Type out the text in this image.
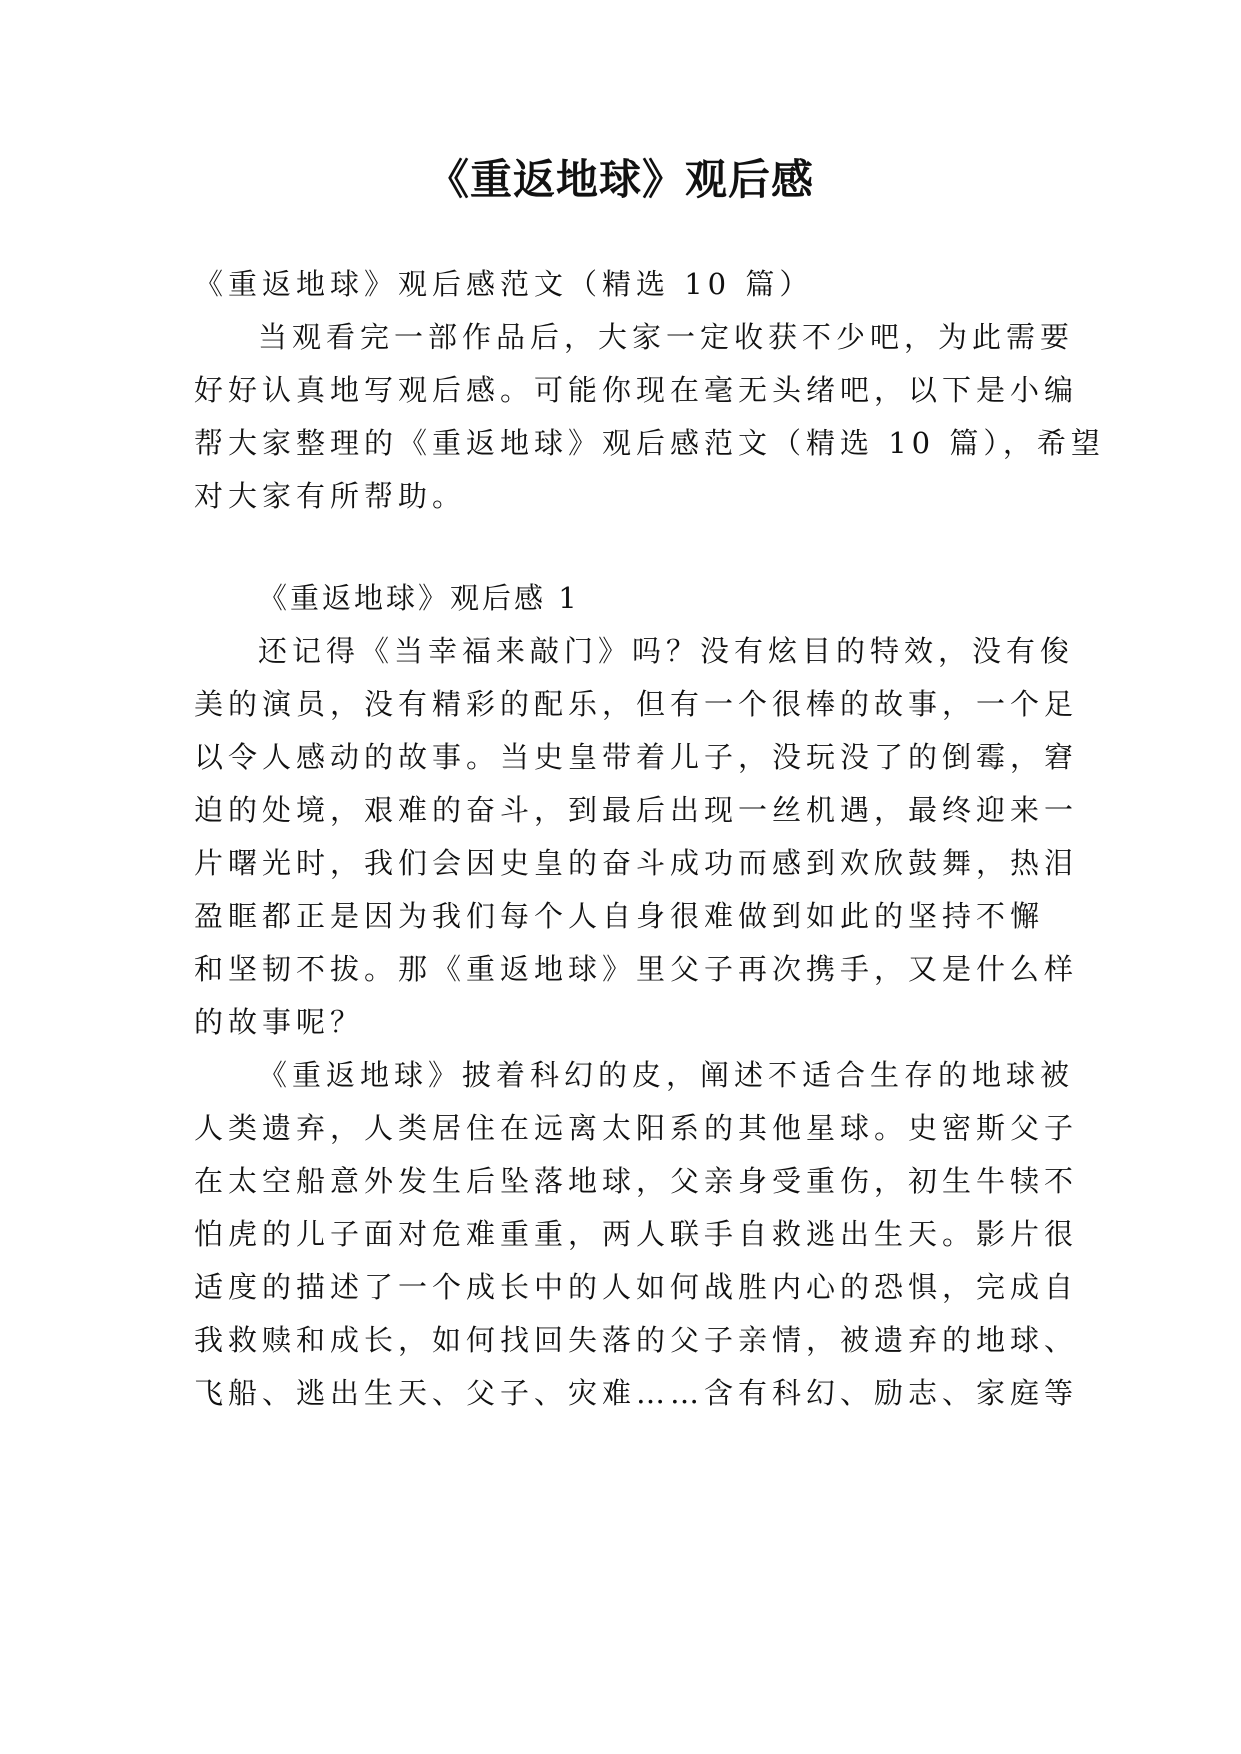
《重返地球》观后感

《重返地球》观后感范文（精选 10 篇）

当观看完一部作品后，大家一定收获不少吧，为此需要

好好认真地写观后感。可能你现在毫无头绪吧，以下是小编

帮大家整理的《重返地球》观后感范文（精选 10 篇），希望

对大家有所帮助。

《重返地球》观后感 1

还记得《当幸福来敲门》吗？没有炫目的特效，没有俊

美的演员，没有精彩的配乐，但有一个很棒的故事，一个足

以令人感动的故事。当史皇带着儿子，没玩没了的倒霉，窘

迫的处境，艰难的奋斗，到最后出现一丝机遇，最终迎来一

片曙光时，我们会因史皇的奋斗成功而感到欢欣鼓舞，热泪

盈眶都正是因为我们每个人自身很难做到如此的坚持不懈

和坚韧不拔。那《重返地球》里父子再次携手，又是什么样

的故事呢？

《重返地球》披着科幻的皮，阐述不适合生存的地球被

人类遗弃，人类居住在远离太阳系的其他星球。史密斯父子

在太空船意外发生后坠落地球，父亲身受重伤，初生牛犊不

怕虎的儿子面对危难重重，两人联手自救逃出生天。影片很

适度的描述了一个成长中的人如何战胜内心的恐惧，完成自

我救赎和成长，如何找回失落的父子亲情，被遗弃的地球、

飞船、逃出生天、父子、灾难……含有科幻、励志、家庭等
